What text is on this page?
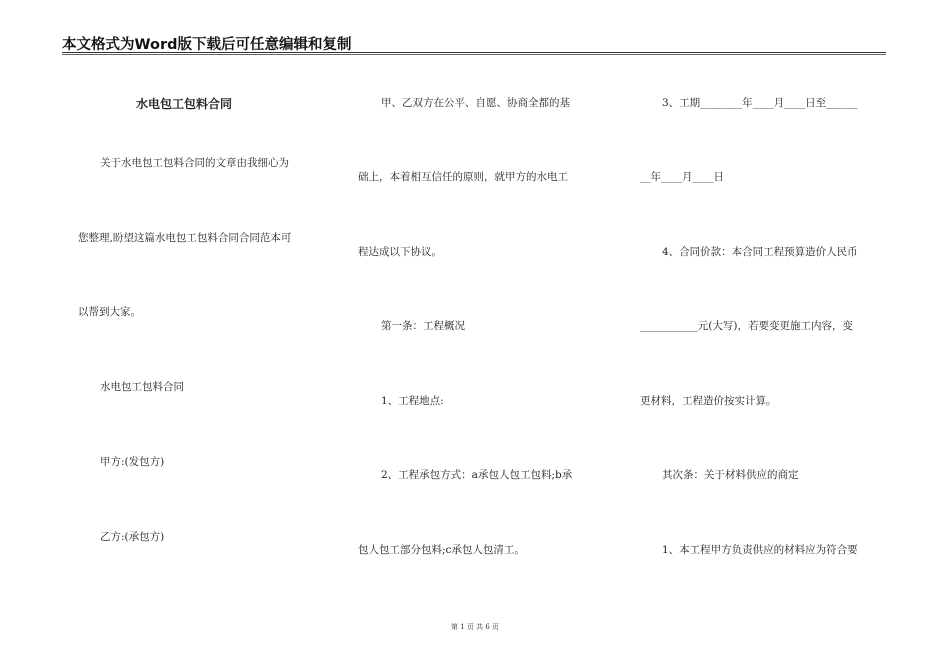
本文格式为Word版下载后可任意编辑和复制
水电包工包料合同
关于水电包工包料合同的文章由我细心为
您整理,盼望这篇水电包工包料合同合同范本可
以帮到大家。
水电包工包料合同
甲方:(发包方)
乙方:(承包方)
甲、乙双方在公平、自愿、协商全都的基
础上，本着相互信任的原则，就甲方的水电工
程达成以下协议。
第一条：工程概况
1、工程地点:
2、工程承包方式：a承包人包工包料;b承
包人包工部分包料;c承包人包清工。
3、工期________年____月____日至______
__年____月____日
4、合同价款：本合同工程预算造价人民币
___________元(大写)，若要变更施工内容，变
更材料，工程造价按实计算。
其次条：关于材料供应的商定
1、本工程甲方负责供应的材料应为符合要
第 1 页 共 6 页
